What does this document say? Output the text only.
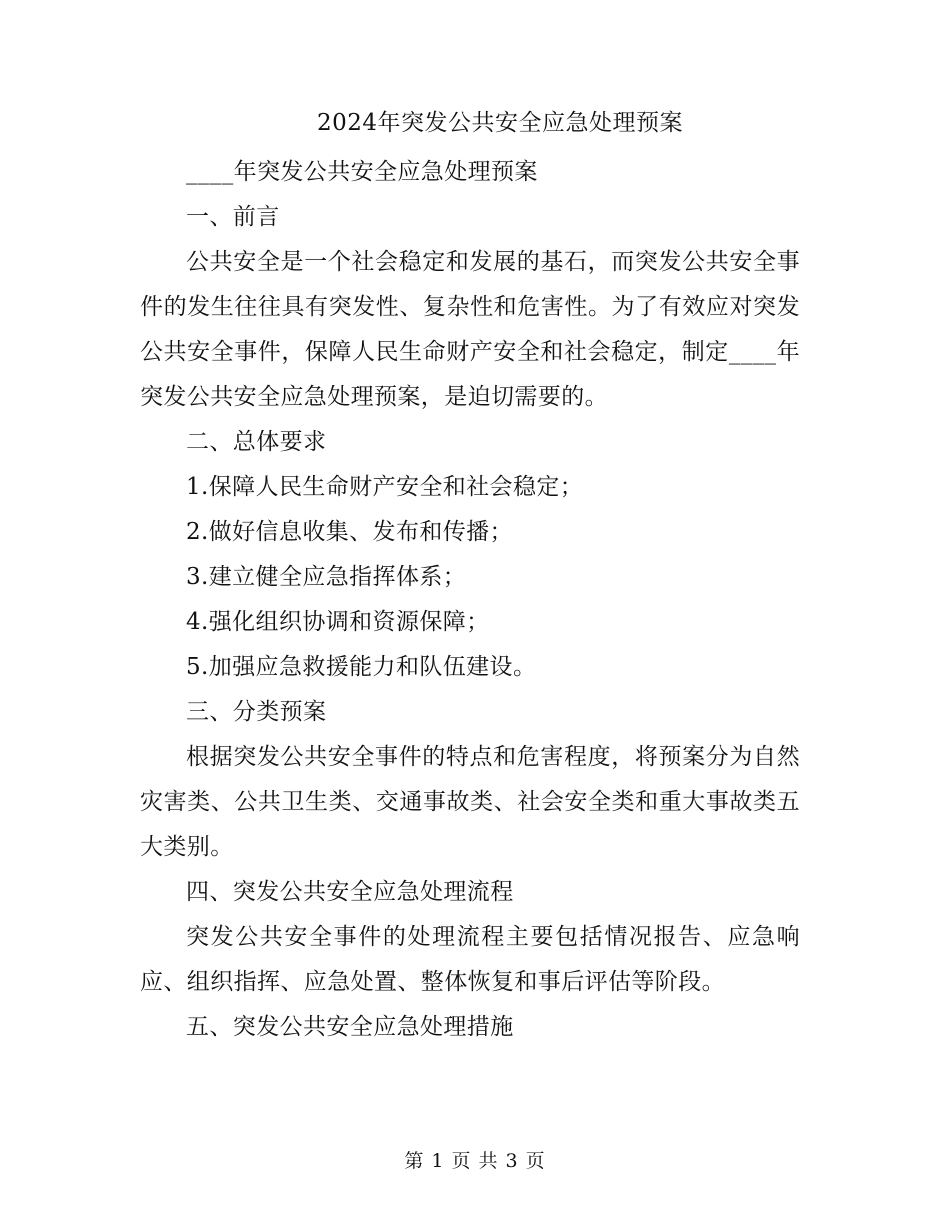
2024年突发公共安全应急处理预案

____年突发公共安全应急处理预案

一、前言

公共安全是一个社会稳定和发展的基石，而突发公共安全事件的发生往往具有突发性、复杂性和危害性。为了有效应对突发公共安全事件，保障人民生命财产安全和社会稳定，制定____年突发公共安全应急处理预案，是迫切需要的。

二、总体要求

1.保障人民生命财产安全和社会稳定；

2.做好信息收集、发布和传播；

3.建立健全应急指挥体系；

4.强化组织协调和资源保障；

5.加强应急救援能力和队伍建设。

三、分类预案

根据突发公共安全事件的特点和危害程度，将预案分为自然灾害类、公共卫生类、交通事故类、社会安全类和重大事故类五大类别。

四、突发公共安全应急处理流程

突发公共安全事件的处理流程主要包括情况报告、应急响应、组织指挥、应急处置、整体恢复和事后评估等阶段。

五、突发公共安全应急处理措施

第 1 页 共 3 页
